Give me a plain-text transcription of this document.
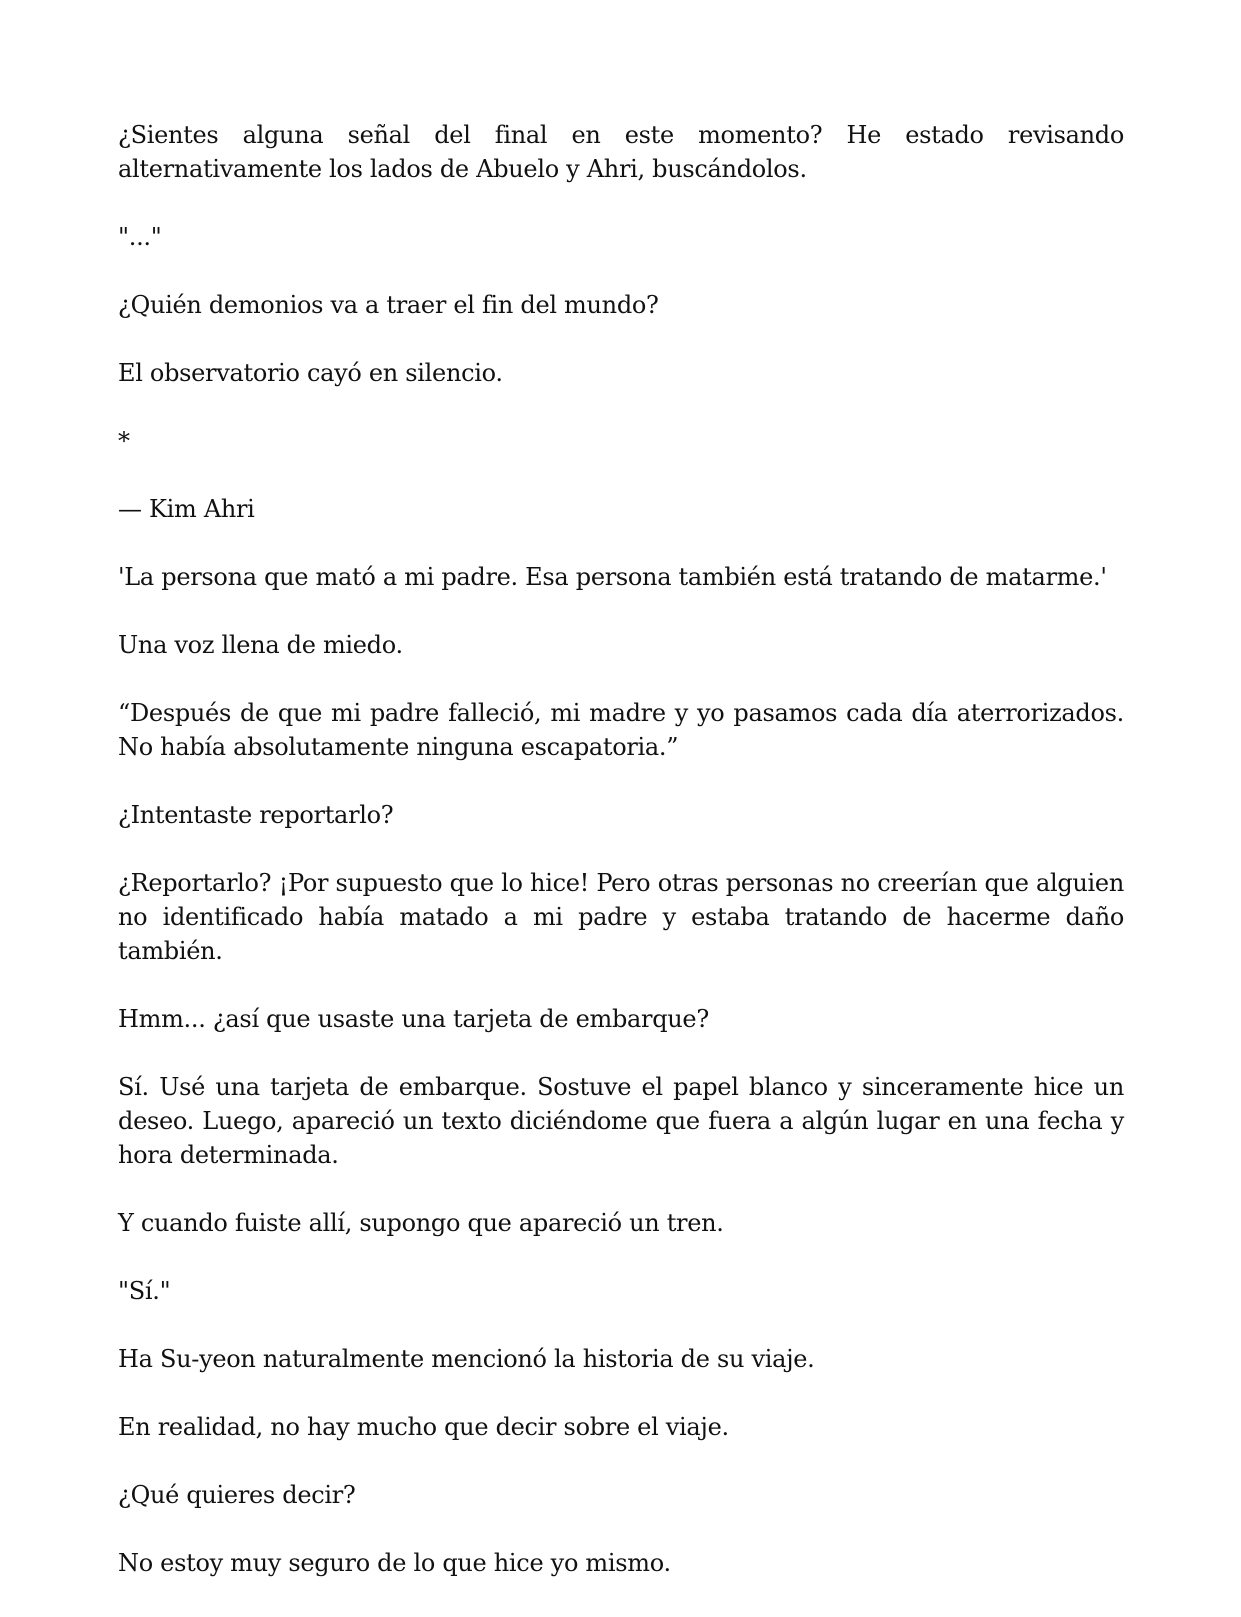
¿Sientes alguna señal del final en este momento? He estado revisando alternativamente los lados de Abuelo y Ahri, buscándolos.

"..."

¿Quién demonios va a traer el fin del mundo?

El observatorio cayó en silencio.

*

— Kim Ahri

'La persona que mató a mi padre. Esa persona también está tratando de matarme.'

Una voz llena de miedo.

“Después de que mi padre falleció, mi madre y yo pasamos cada día aterrorizados. No había absolutamente ninguna escapatoria.”

¿Intentaste reportarlo?

¿Reportarlo? ¡Por supuesto que lo hice! Pero otras personas no creerían que alguien no identificado había matado a mi padre y estaba tratando de hacerme daño también.

Hmm... ¿así que usaste una tarjeta de embarque?

Sí. Usé una tarjeta de embarque. Sostuve el papel blanco y sinceramente hice un deseo. Luego, apareció un texto diciéndome que fuera a algún lugar en una fecha y hora determinada.

Y cuando fuiste allí, supongo que apareció un tren.

"Sí."

Ha Su-yeon naturalmente mencionó la historia de su viaje.

En realidad, no hay mucho que decir sobre el viaje.

¿Qué quieres decir?

No estoy muy seguro de lo que hice yo mismo.
